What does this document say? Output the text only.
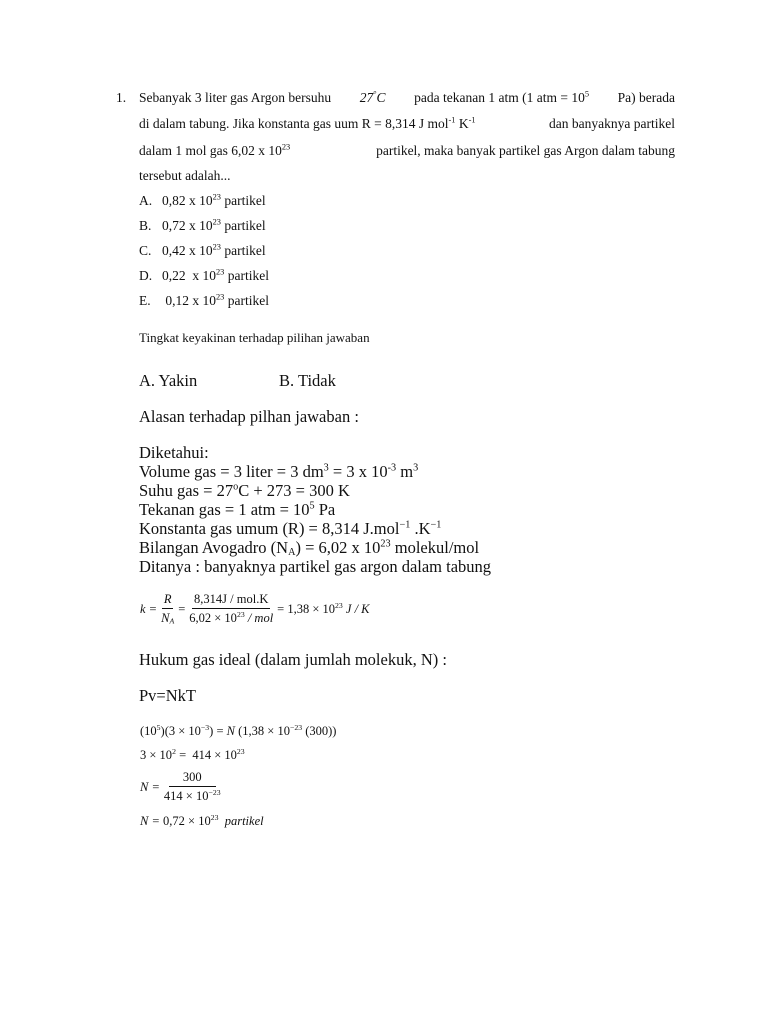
1. Sebanyak 3 liter gas Argon bersuhu 27°C pada tekanan 1 atm (1 atm = $10^5$ Pa) berada
di dalam tabung. Jika konstanta gas uum R = 8,314 J mol$^{-1}$ $K^{-1}$	dan banyaknya partikel
dalam 1 mol gas 6,02 x $10^{23}$	partikel, maka banyak partikel gas Argon dalam tabung
tersebut adalah...
A. 0,82 x $10^{23}$ partikel
B. 0,72 x $10^{23}$ partikel
C. 0,42 x $10^{23}$ partikel
D. 0,22  x $10^{23}$ partikel
E. 0,12 x $10^{23}$ partikel
Tingkat keyakinan terhadap pilihan jawaban
A. Yakin	B. Tidak
Alasan terhadap pilhan jawaban :
Diketahui:
Volume gas = 3 liter = 3 $dm^3 = 3$ x $10^{-3}$ $m^3$
Suhu gas = $27^oC + 273 = 300$ K
Tekanan gas = 1 atm = $10^5$ Pa
Konstanta gas umum (R) = 8,314 J.mol$^{-1}$ $.K^{-1}$
Bilangan Avogadro $(N_A) = 6,02$ x $10^{23}$ molekul/mol
Ditanya : banyaknya partikel gas argon dalam tabung
$k = \frac{R}{N_A} = \frac{\text{8,314J / mol.K}}{6,02 \times 10^{23} / mol} = 1,38 \times 10^{23}$ J / K
Hukum gas ideal (dalam jumlah molekuk, N) :
Pv=NkT
$(10^5)(3 \times 10^{-3}) = N$ ($1,38 \times 10^{-23}$ (300))
$3 \times 10^2 = 414 \times 10^{23}$
$N = \frac{300}{414 \times 10^{-23}}$
$N = 0,72 \times 10^{23}$ partikel
